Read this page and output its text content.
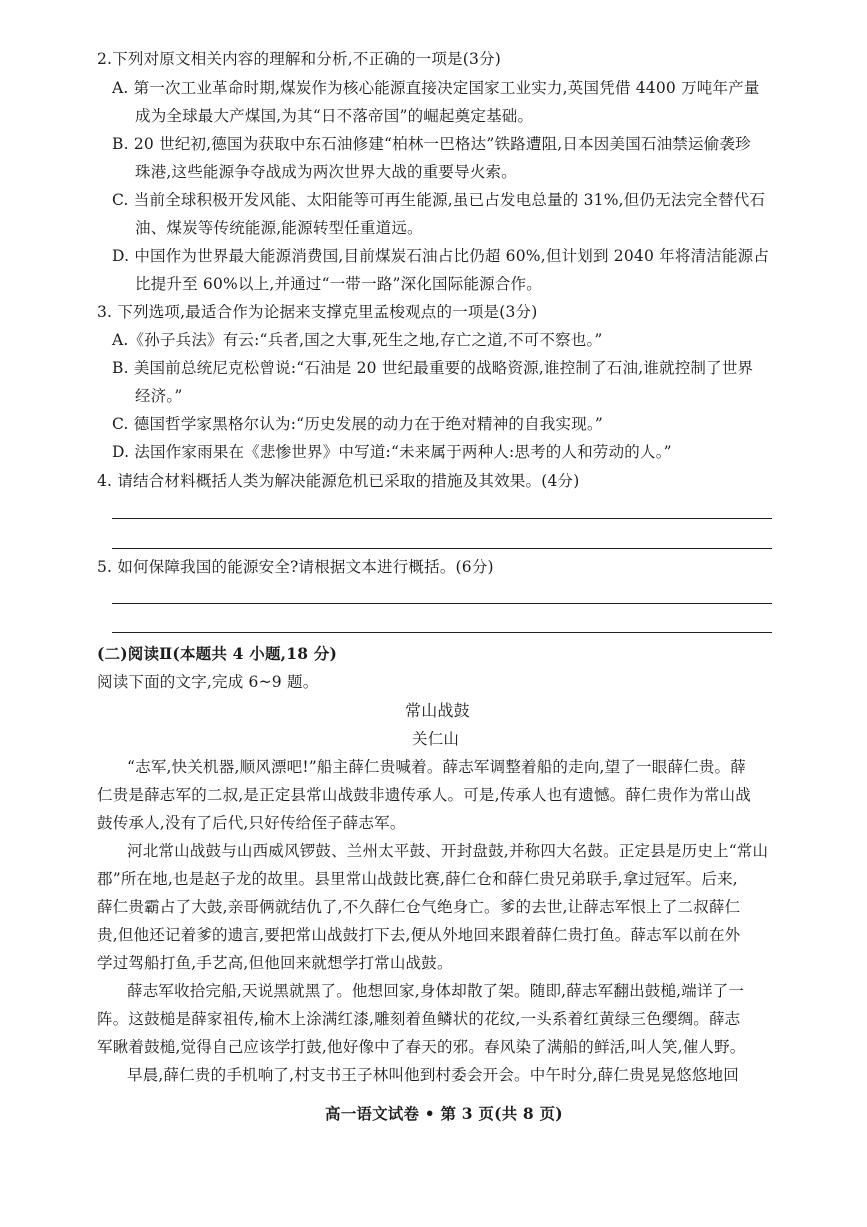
2.下列对原文相关内容的理解和分析,不正确的一项是(3分)
A. 第一次工业革命时期,煤炭作为核心能源直接决定国家工业实力,英国凭借 4400 万吨年产量
成为全球最大产煤国,为其“日不落帝国”的崛起奠定基础。
B. 20 世纪初,德国为获取中东石油修建“柏林一巴格达”铁路遭阻,日本因美国石油禁运偷袭珍
珠港,这些能源争夺战成为两次世界大战的重要导火索。
C. 当前全球积极开发风能、太阳能等可再生能源,虽已占发电总量的 31%,但仍无法完全替代石
油、煤炭等传统能源,能源转型任重道远。
D. 中国作为世界最大能源消费国,目前煤炭石油占比仍超 60%,但计划到 2040 年将清洁能源占
比提升至 60%以上,并通过“一带一路”深化国际能源合作。
3. 下列选项,最适合作为论据来支撑克里孟梭观点的一项是(3分)
A.《孙子兵法》有云:“兵者,国之大事,死生之地,存亡之道,不可不察也。”
B. 美国前总统尼克松曾说:“石油是 20 世纪最重要的战略资源,谁控制了石油,谁就控制了世界
经济。”
C. 德国哲学家黑格尔认为:“历史发展的动力在于绝对精神的自我实现。”
D. 法国作家雨果在《悲惨世界》中写道:“未来属于两种人:思考的人和劳动的人。”
4. 请结合材料概括人类为解决能源危机已采取的措施及其效果。(4分)
5. 如何保障我国的能源安全?请根据文本进行概括。(6分)
(二)阅读Ⅱ(本题共 4 小题,18 分)
阅读下面的文字,完成 6~9 题。
常山战鼓
关仁山
“志军,快关机器,顺风漂吧!”船主薛仁贵喊着。薛志军调整着船的走向,望了一眼薛仁贵。薛
仁贵是薛志军的二叔,是正定县常山战鼓非遗传承人。可是,传承人也有遗憾。薛仁贵作为常山战
鼓传承人,没有了后代,只好传给侄子薛志军。
河北常山战鼓与山西威风锣鼓、兰州太平鼓、开封盘鼓,并称四大名鼓。正定县是历史上“常山
郡”所在地,也是赵子龙的故里。县里常山战鼓比赛,薛仁仓和薛仁贵兄弟联手,拿过冠军。后来,
薛仁贵霸占了大鼓,亲哥俩就结仇了,不久薛仁仓气绝身亡。爹的去世,让薛志军恨上了二叔薛仁
贵,但他还记着爹的遗言,要把常山战鼓打下去,便从外地回来跟着薛仁贵打鱼。薛志军以前在外
学过驾船打鱼,手艺高,但他回来就想学打常山战鼓。
薛志军收拾完船,天说黑就黑了。他想回家,身体却散了架。随即,薛志军翻出鼓槌,端详了一
阵。这鼓槌是薛家祖传,榆木上涂满红漆,雕刻着鱼鳞状的花纹,一头系着红黄绿三色缨绸。薛志
军瞅着鼓槌,觉得自己应该学打鼓,他好像中了春天的邪。春风染了满船的鲜活,叫人笑,催人野。
早晨,薛仁贵的手机响了,村支书王子林叫他到村委会开会。中午时分,薛仁贵晃晃悠悠地回
高一语文试卷 • 第 3 页(共 8 页)
